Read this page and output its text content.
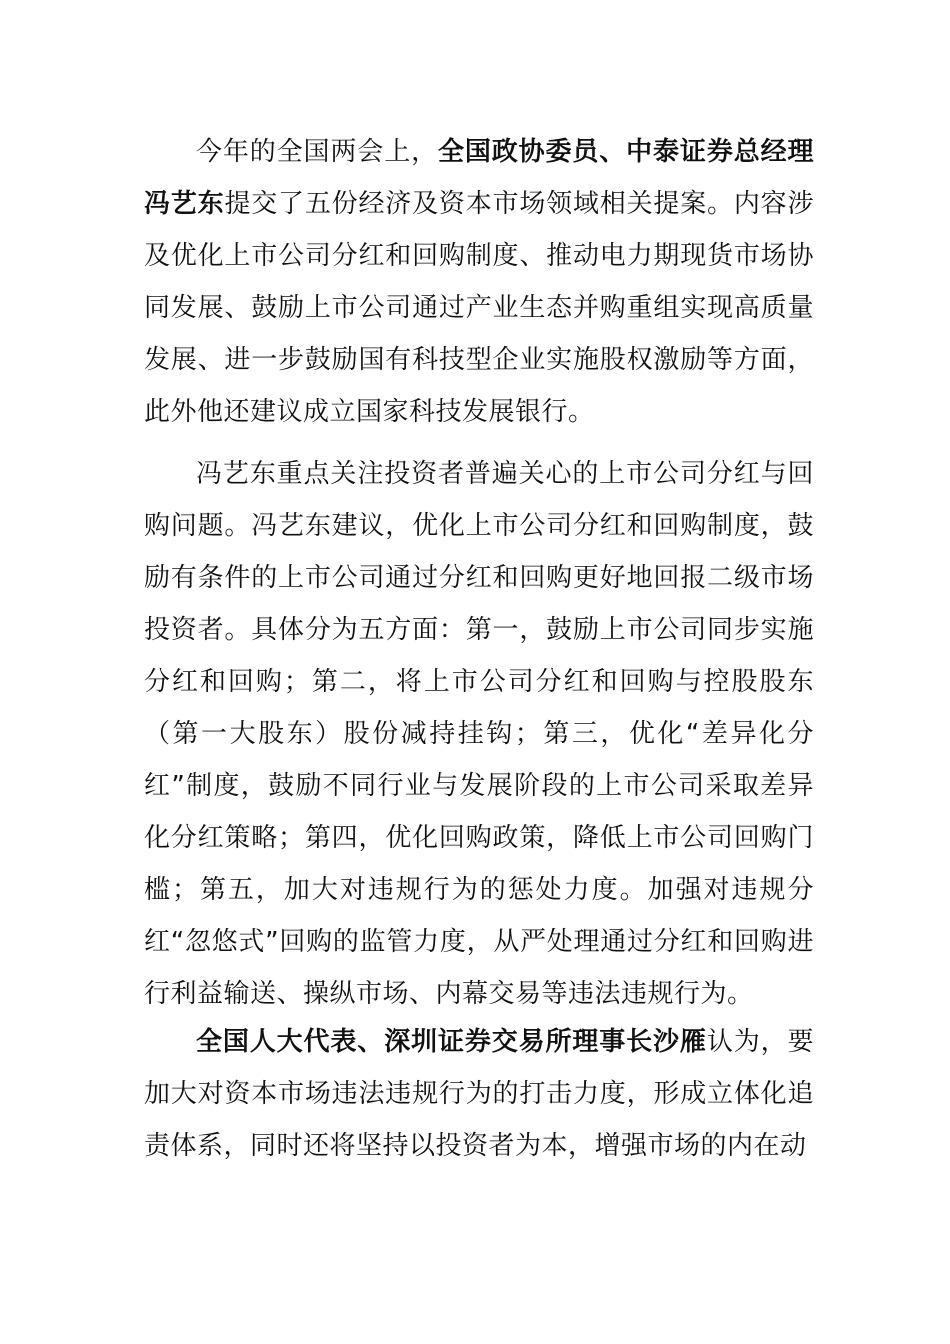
今年的全国两会上，全国政协委员、中泰证券总经理冯艺东提交了五份经济及资本市场领域相关提案。内容涉及优化上市公司分红和回购制度、推动电力期现货市场协同发展、鼓励上市公司通过产业生态并购重组实现高质量发展、进一步鼓励国有科技型企业实施股权激励等方面，此外他还建议成立国家科技发展银行。

冯艺东重点关注投资者普遍关心的上市公司分红与回购问题。冯艺东建议，优化上市公司分红和回购制度，鼓励有条件的上市公司通过分红和回购更好地回报二级市场投资者。具体分为五方面：第一，鼓励上市公司同步实施分红和回购；第二，将上市公司分红和回购与控股股东（第一大股东）股份减持挂钩；第三，优化“差异化分红”制度，鼓励不同行业与发展阶段的上市公司采取差异化分红策略；第四，优化回购政策，降低上市公司回购门槛；第五，加大对违规行为的惩处力度。加强对违规分红“忽悠式”回购的监管力度，从严处理通过分红和回购进行利益输送、操纵市场、内幕交易等违法违规行为。

全国人大代表、深圳证券交易所理事长沙雁认为，要加大对资本市场违法违规行为的打击力度，形成立体化追责体系，同时还将坚持以投资者为本，增强市场的内在动
